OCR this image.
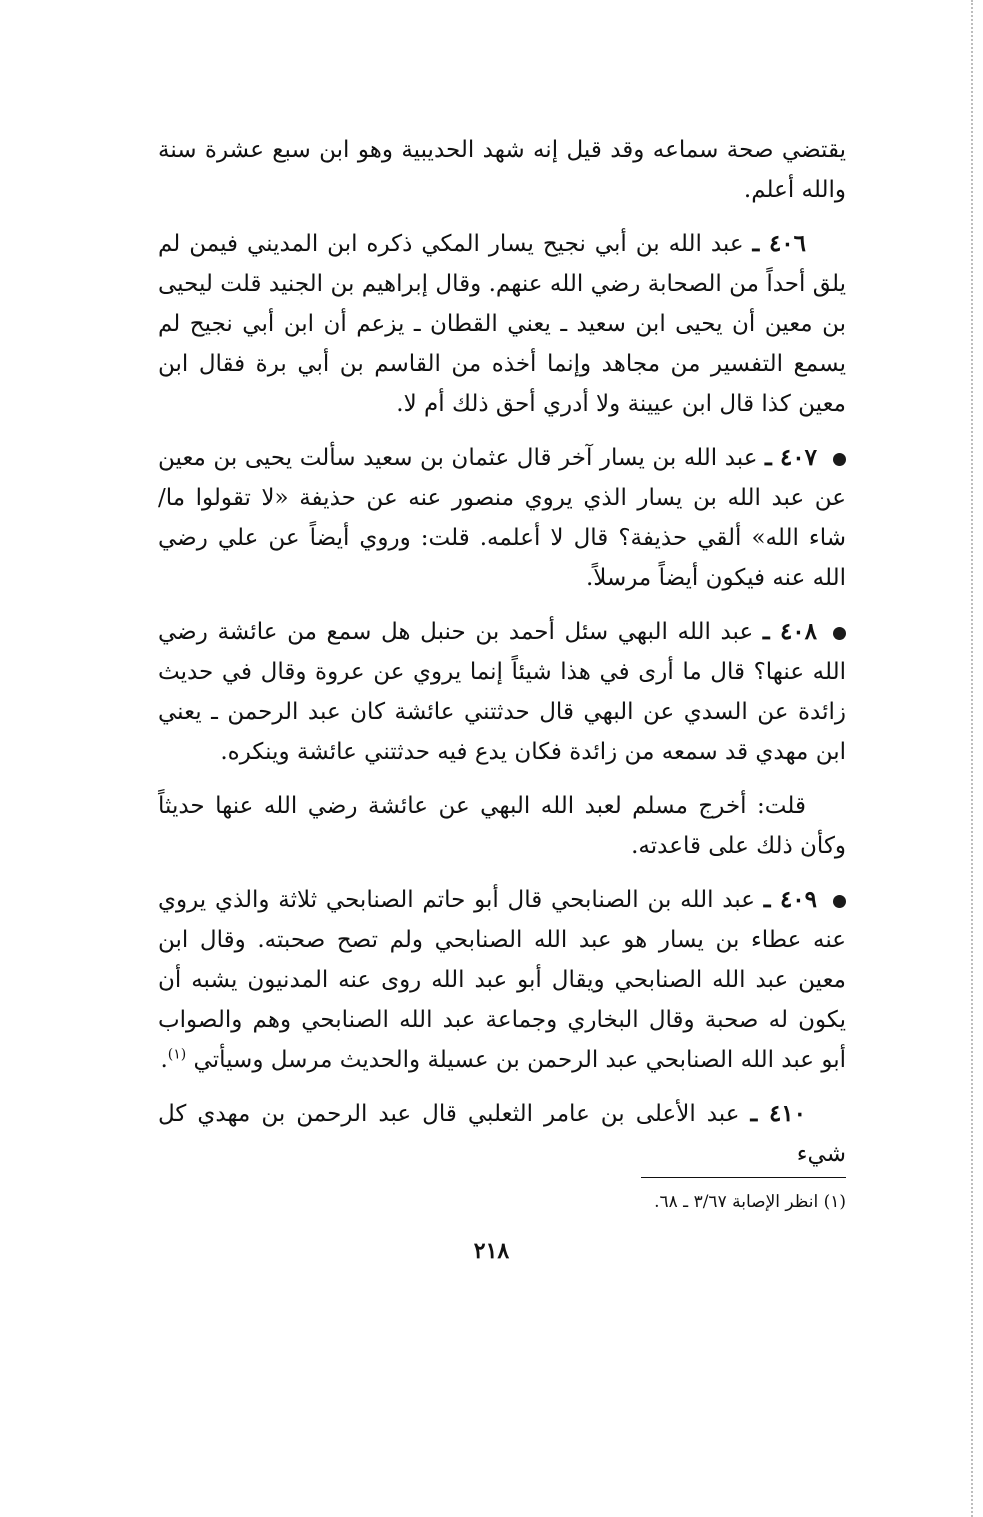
يقتضي صحة سماعه وقد قيل إنه شهد الحديبية وهو ابن سبع عشرة سنة والله أعلم.

٤٠٦ ـ عبد الله بن أبي نجيح يسار المكي ذكره ابن المديني فيمن لم يلق أحداً من الصحابة رضي الله عنهم. وقال إبراهيم بن الجنيد قلت ليحيى بن معين أن يحيى ابن سعيد ـ يعني القطان ـ يزعم أن ابن أبي نجيح لم يسمع التفسير من مجاهد وإنما أخذه من القاسم بن أبي برة فقال ابن معين كذا قال ابن عيينة ولا أدري أحق ذلك أم لا.

٤٠٧ ـ عبد الله بن يسار آخر قال عثمان بن سعيد سألت يحيى بن معين عن عبد الله بن يسار الذي يروي منصور عنه عن حذيفة «لا تقولوا ما/ شاء الله» ألقي حذيفة؟ قال لا أعلمه. قلت: وروي أيضاً عن علي رضي الله عنه فيكون أيضاً مرسلاً.

٤٠٨ ـ عبد الله البهي سئل أحمد بن حنبل هل سمع من عائشة رضي الله عنها؟ قال ما أرى في هذا شيئاً إنما يروي عن عروة وقال في حديث زائدة عن السدي عن البهي قال حدثتني عائشة كان عبد الرحمن ـ يعني ابن مهدي قد سمعه من زائدة فكان يدع فيه حدثتني عائشة وينكره.

قلت: أخرج مسلم لعبد الله البهي عن عائشة رضي الله عنها حديثاً وكأن ذلك على قاعدته.

٤٠٩ ـ عبد الله بن الصنابحي قال أبو حاتم الصنابحي ثلاثة والذي يروي عنه عطاء بن يسار هو عبد الله الصنابحي ولم تصح صحبته. وقال ابن معين عبد الله الصنابحي ويقال أبو عبد الله روى عنه المدنيون يشبه أن يكون له صحبة وقال البخاري وجماعة عبد الله الصنابحي وهم والصواب أبو عبد الله الصنابحي عبد الرحمن بن عسيلة والحديث مرسل وسيأتي $^{(١)}$.

٤١٠ ـ عبد الأعلى بن عامر الثعلبي قال عبد الرحمن بن مهدي كل شيء

(١) انظر الإصابة ٣/٦٧ ـ ٦٨.

٢١٨
